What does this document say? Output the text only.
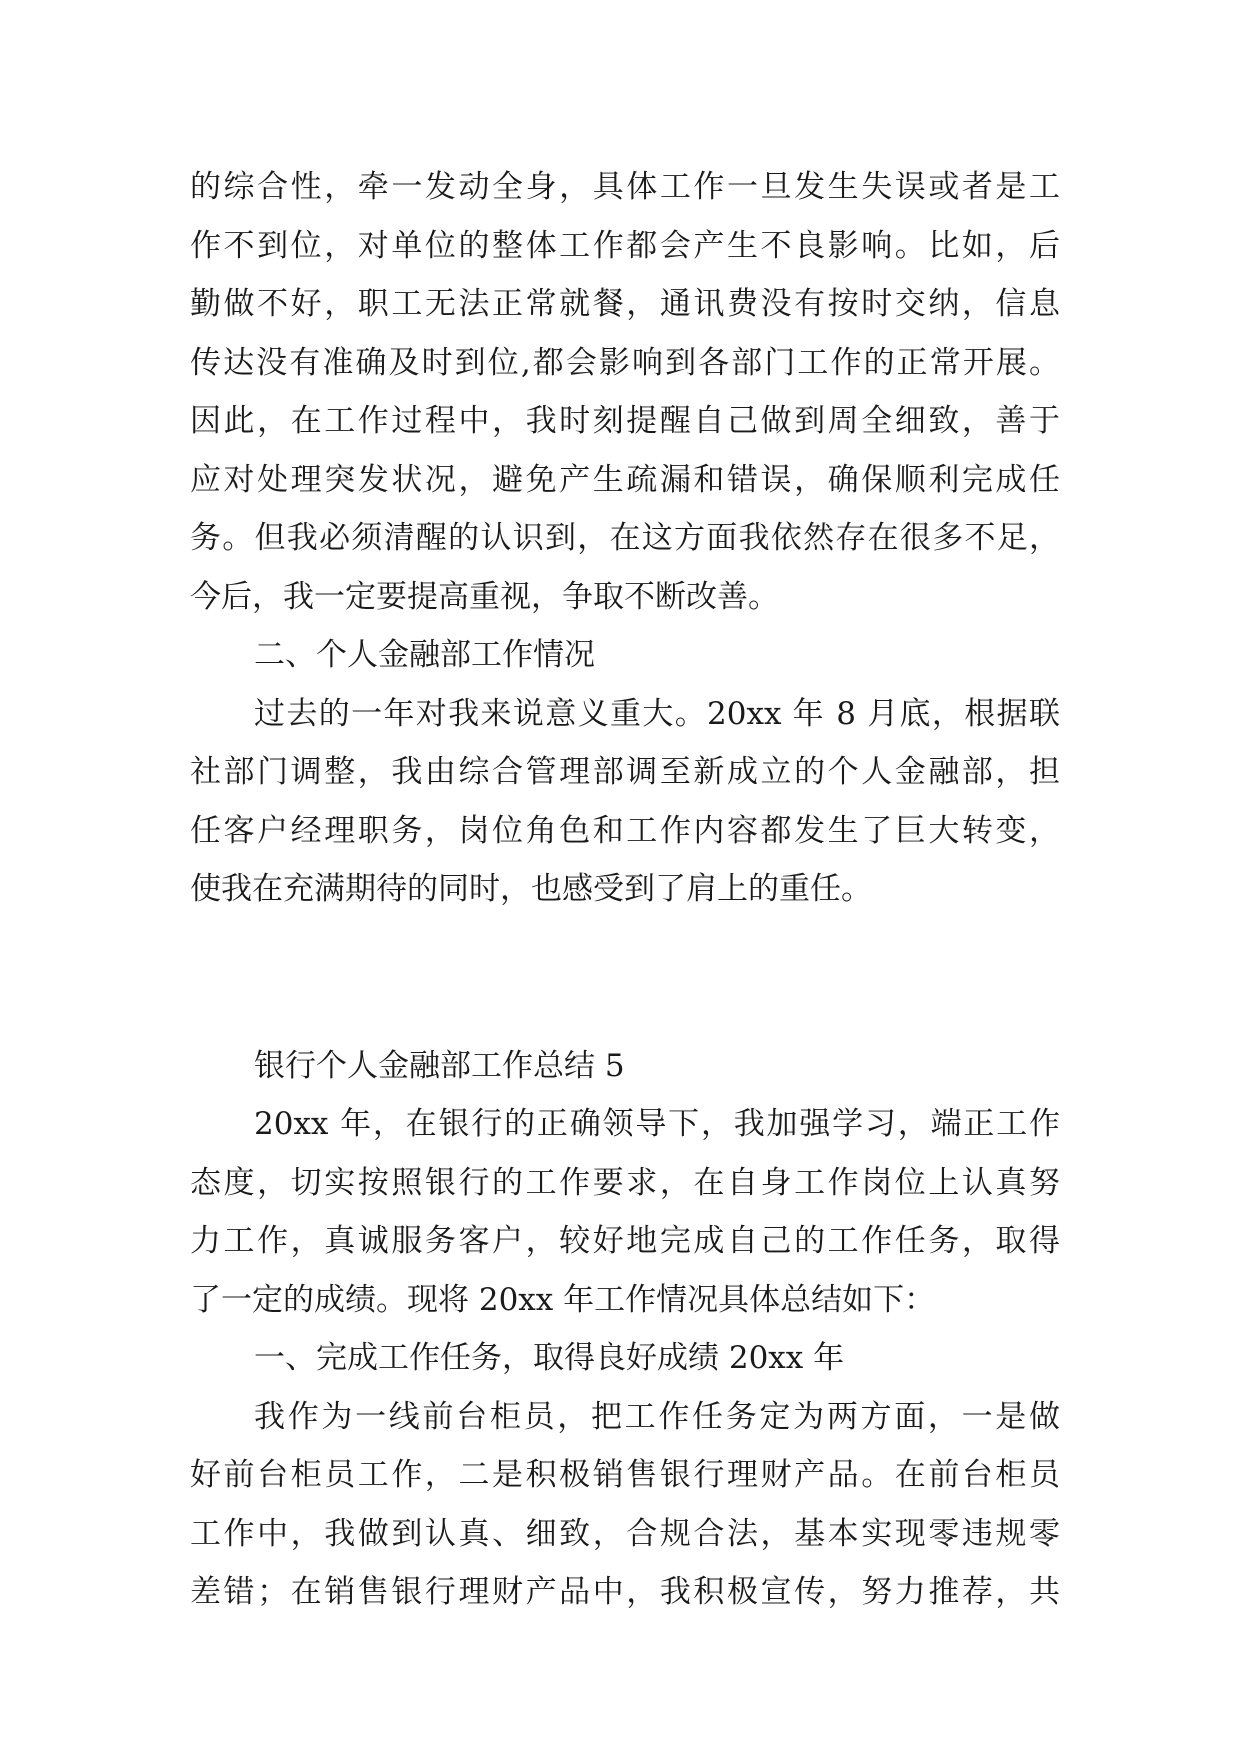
的综合性，牵一发动全身，具体工作一旦发生失误或者是工
作不到位，对单位的整体工作都会产生不良影响。比如，后
勤做不好，职工无法正常就餐，通讯费没有按时交纳，信息
传达没有准确及时到位,都会影响到各部门工作的正常开展。
因此，在工作过程中，我时刻提醒自己做到周全细致，善于
应对处理突发状况，避免产生疏漏和错误，确保顺利完成任
务。但我必须清醒的认识到，在这方面我依然存在很多不足，
今后，我一定要提高重视，争取不断改善。
二、个人金融部工作情况
过去的一年对我来说意义重大。20xx 年 8 月底，根据联
社部门调整，我由综合管理部调至新成立的个人金融部，担
任客户经理职务，岗位角色和工作内容都发生了巨大转变，
使我在充满期待的同时，也感受到了肩上的重任。
银行个人金融部工作总结 5
20xx 年，在银行的正确领导下，我加强学习，端正工作
态度，切实按照银行的工作要求，在自身工作岗位上认真努
力工作，真诚服务客户，较好地完成自己的工作任务，取得
了一定的成绩。现将 20xx 年工作情况具体总结如下：
一、完成工作任务，取得良好成绩 20xx 年
我作为一线前台柜员，把工作任务定为两方面，一是做
好前台柜员工作，二是积极销售银行理财产品。在前台柜员
工作中，我做到认真、细致，合规合法，基本实现零违规零
差错；在销售银行理财产品中，我积极宣传，努力推荐，共
